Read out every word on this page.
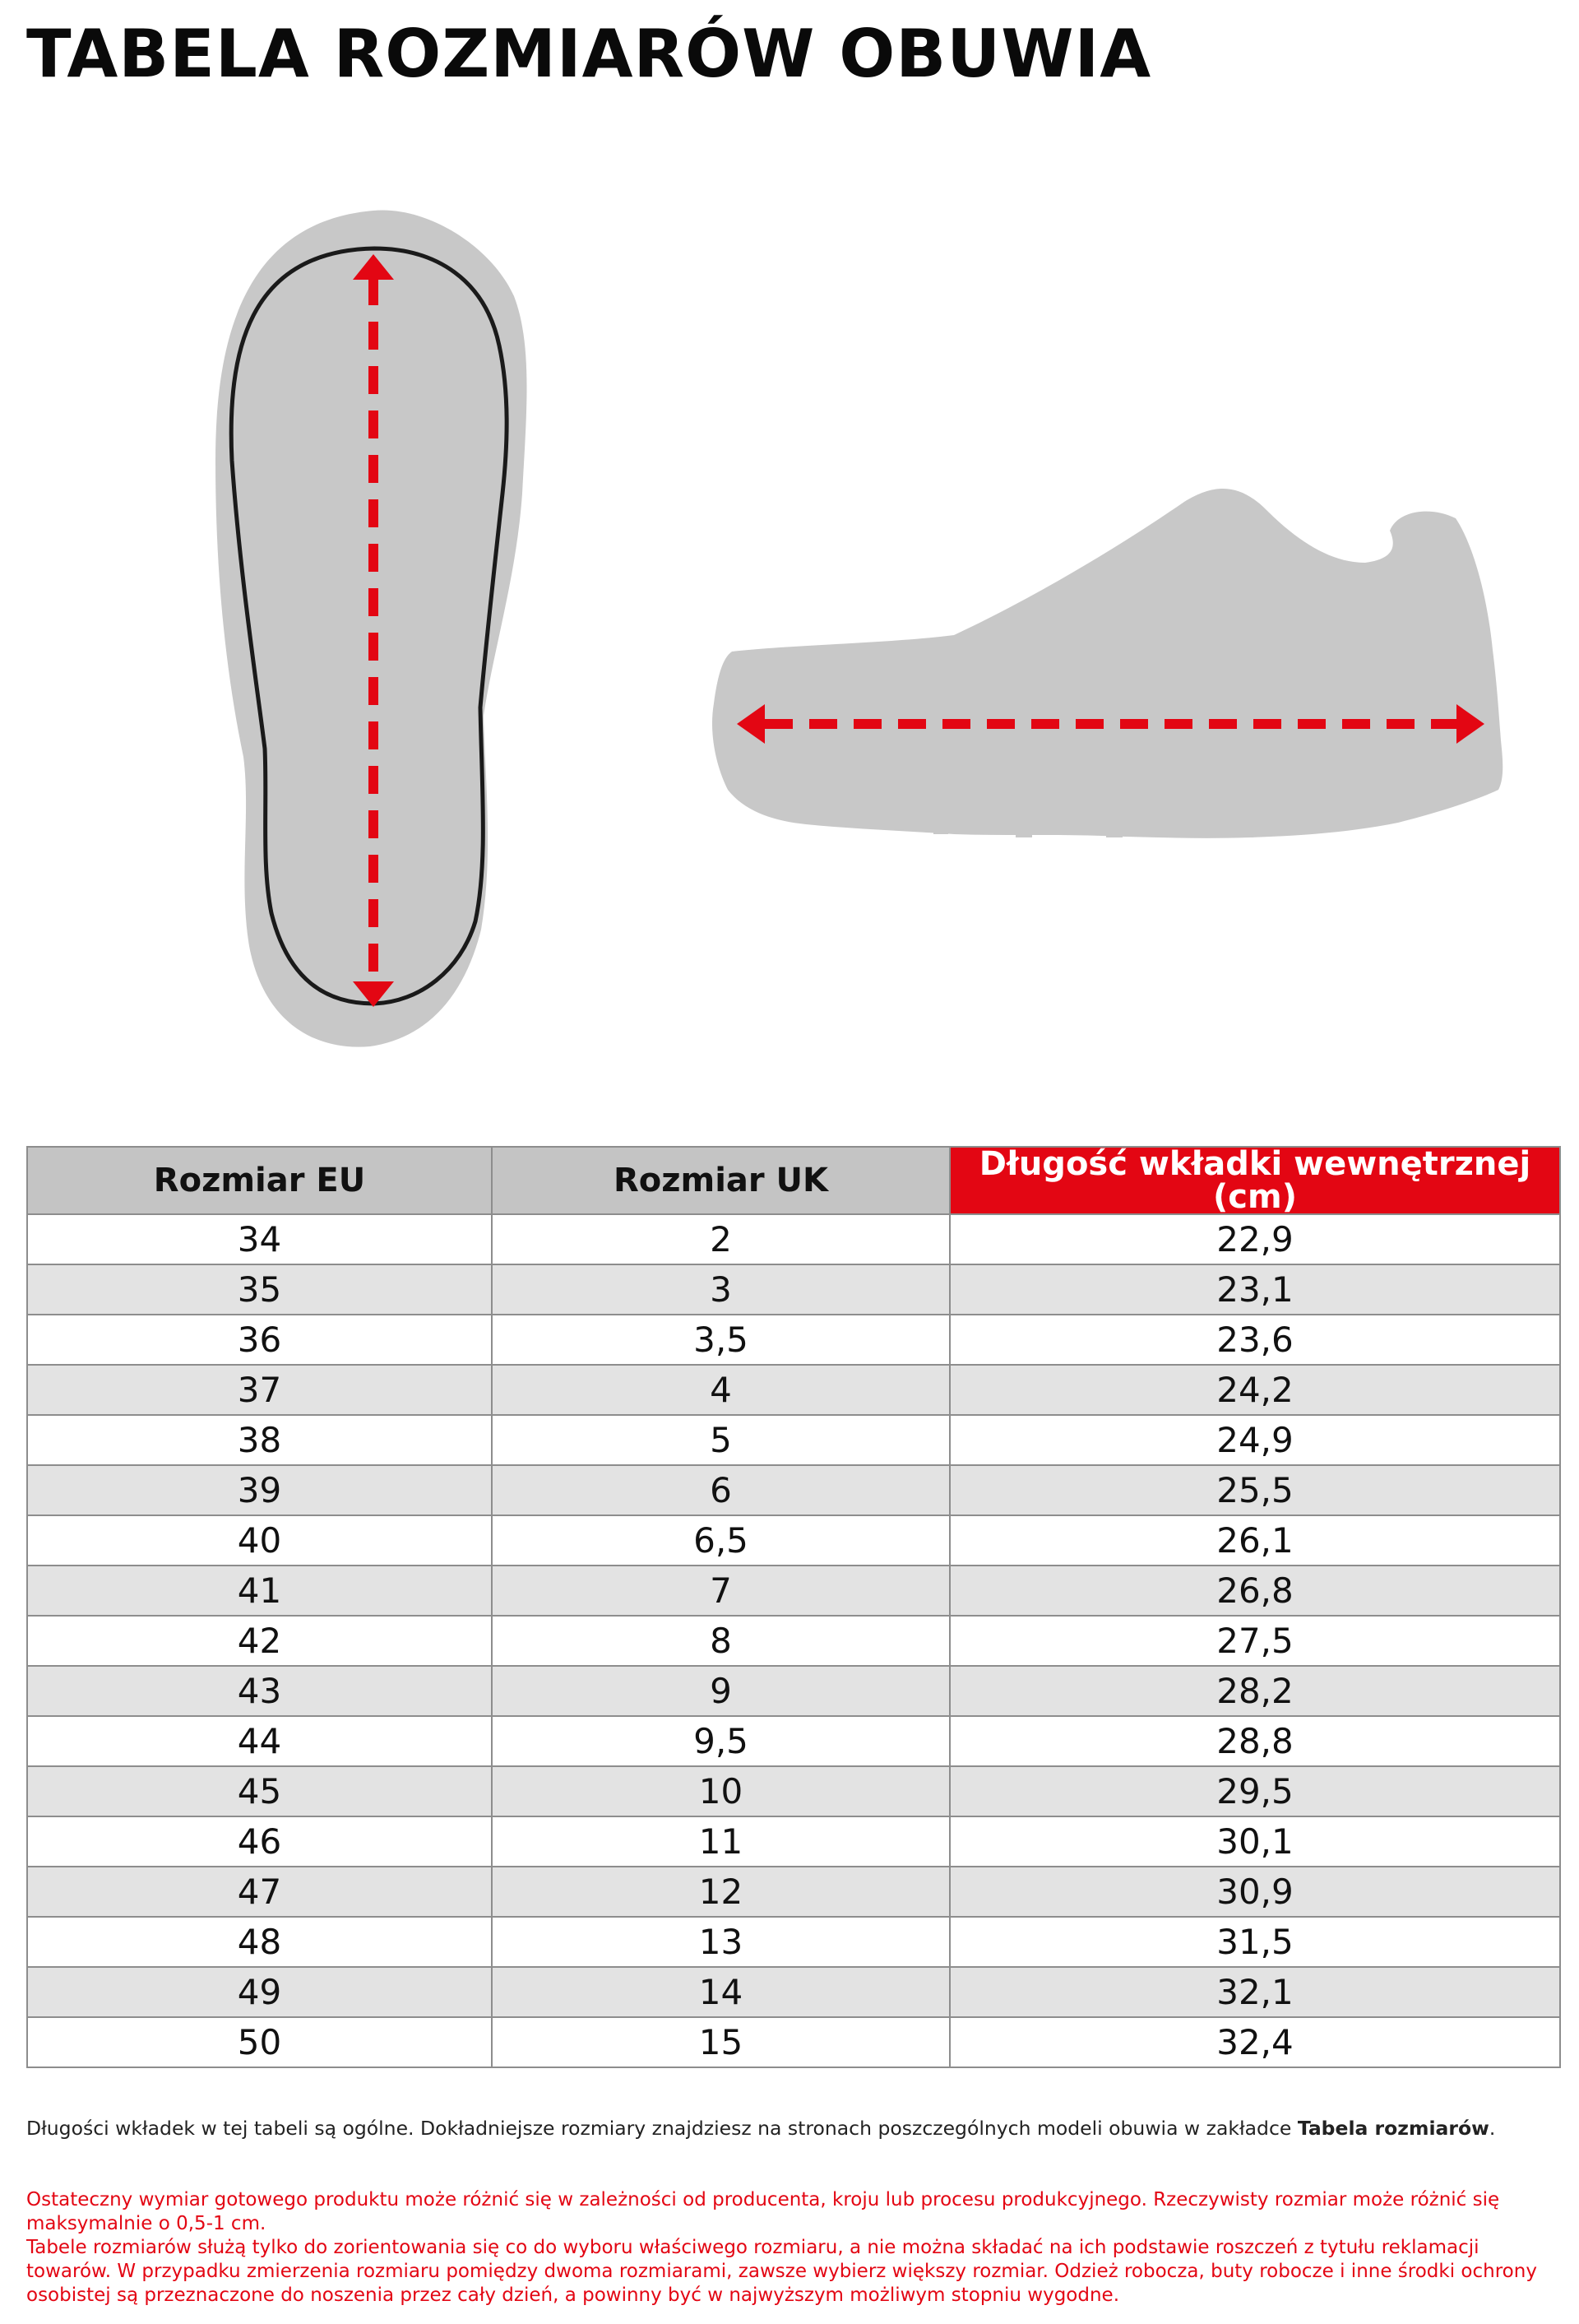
TABELA ROZMIARÓW OBUWIA
Rozmiar EU	Rozmiar UK	Długość wkładki wewnętrznej (cm)
34	2	22,9
35	3	23,1
36	3,5	23,6
37	4	24,2
38	5	24,9
39	6	25,5
40	6,5	26,1
41	7	26,8
42	8	27,5
43	9	28,2
44	9,5	28,8
45	10	29,5
46	11	30,1
47	12	30,9
48	13	31,5
49	14	32,1
50	15	32,4

Długości wkładek w tej tabeli są ogólne. Dokładniejsze rozmiary znajdziesz na stronach poszczególnych modeli obuwia w zakładce Tabela rozmiarów.

Ostateczny wymiar gotowego produktu może różnić się w zależności od producenta, kroju lub procesu produkcyjnego. Rzeczywisty rozmiar może różnić się maksymalnie o 0,5-1 cm.

Tabele rozmiarów służą tylko do zorientowania się co do wyboru właściwego rozmiaru, a nie można składać na ich podstawie roszczeń z tytułu reklamacji towarów. W przypadku zmierzenia rozmiaru pomiędzy dwoma rozmiarami, zawsze wybierz większy rozmiar. Odzież robocza, buty robocze i inne środki ochrony osobistej są przeznaczone do noszenia przez cały dzień, a powinny być w najwyższym możliwym stopniu wygodne.
